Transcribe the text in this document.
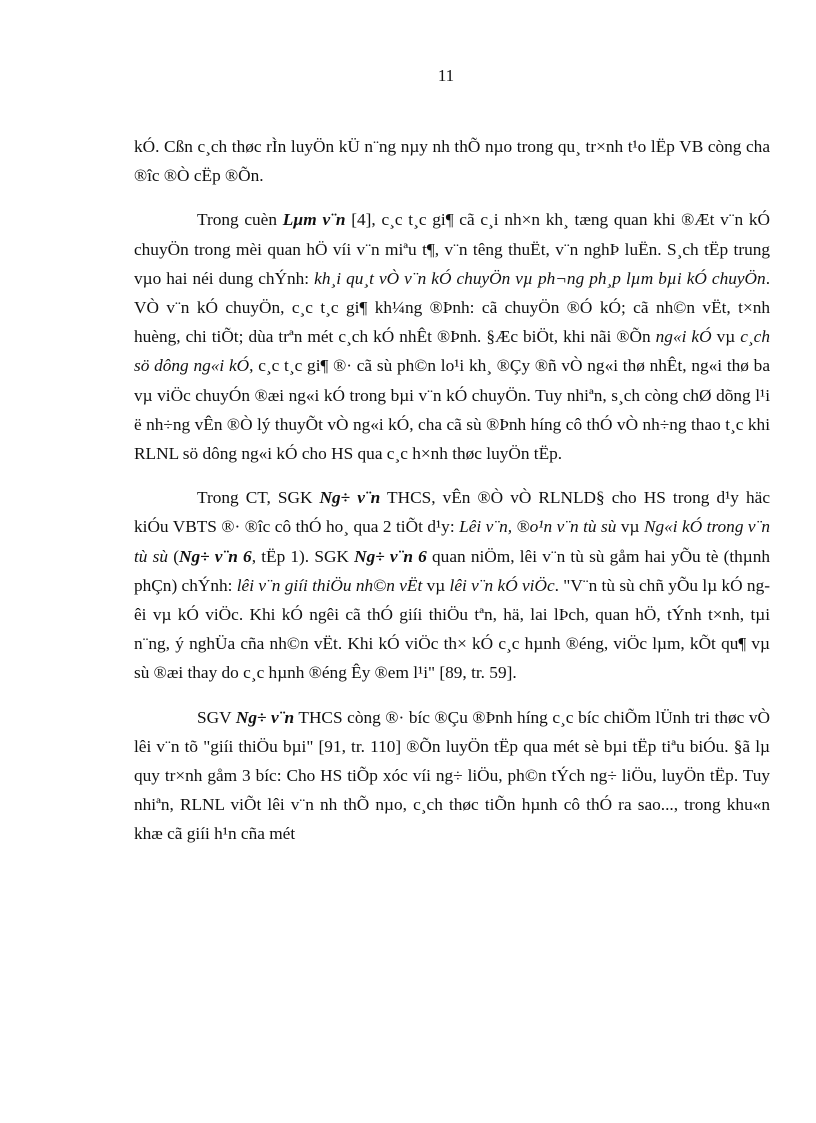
11

kÓ. Cßn c¸ch thøc rÌn luyÖn kÜ n¨ng nµy nh thÕ nµo trong qu¸ tr×nh t¹o lËp VB còng cha ®îc ®Ò cËp ®Õn.

Trong cuèn Lµm v¨n [4], c¸c t¸c gi¶ cã c¸i nh×n kh¸ tæng quan khi ®Æt v¨n kÓ chuyÖn trong mèi quan hÖ víi v¨n miªu t¶, v¨n têng thuËt, v¨n nghÞ luËn. S¸ch tËp trung vµo hai néi dung chÝnh: kh¸i qu¸t vÒ v¨n kÓ chuyÖn vµ ph¬ng ph¸p lµm bµi kÓ chuyÖn. VÒ v¨n kÓ chuyÖn, c¸c t¸c gi¶ kh¼ng ®Þnh: cã chuyÖn ®Ó kÓ; cã nh©n vËt, t×nh huèng, chi tiÕt; dùa trªn mét c¸ch kÓ nhÊt ®Þnh. §Æc biÖt, khi nãi ®Õn ng«i kÓ vµ c¸ch sö dông ng«i kÓ, c¸c t¸c gi¶ ®· cã sù ph©n lo¹i kh¸ ®Çy ®ñ vÒ ng«i thø nhÊt, ng«i thø ba vµ viÖc chuyÓn ®æi ng«i kÓ trong bµi v¨n kÓ chuyÖn. Tuy nhiªn, s¸ch còng chØ dõng l¹i ë nh÷ng vÊn ®Ò lý thuyÕt vÒ ng«i kÓ, cha cã sù ®Þnh híng cô thÓ vÒ nh÷ng thao t¸c khi RLNL sö dông ng«i kÓ cho HS qua c¸c h×nh thøc luyÖn tËp.

Trong CT, SGK Ng÷ v¨n THCS, vÊn ®Ò vÒ RLNLD§ cho HS trong d¹y häc kiÓu VBTS ®· ®îc cô thÓ ho¸ qua 2 tiÕt d¹y: Lêi v¨n, ®o¹n v¨n tù sù vµ Ng«i kÓ trong v¨n tù sù (Ng÷ v¨n 6, tËp 1). SGK Ng÷ v¨n 6 quan niÖm, lêi v¨n tù sù gåm hai yÕu tè (thµnh phÇn) chÝnh: lêi v¨n giíi thiÖu nh©n vËt vµ lêi v¨n kÓ viÖc. "V¨n tù sù chñ yÕu lµ kÓ ngêi vµ kÓ viÖc. Khi kÓ ngêi cã thÓ giíi thiÖu tªn, hä, lai lÞch, quan hÖ, tÝnh t×nh, tµi n¨ng, ý nghÜa cña nh©n vËt. Khi kÓ viÖc th× kÓ c¸c hµnh ®éng, viÖc lµm, kÕt qu¶ vµ sù ®æi thay do c¸c hµnh ®éng Êy ®em l¹i" [89, tr. 59].

SGV Ng÷ v¨n THCS còng ®· bíc ®Çu ®Þnh híng c¸c bíc chiÕm lÜnh tri thøc vÒ lêi v¨n tõ "giíi thiÖu bµi" [91, tr. 110] ®Õn luyÖn tËp qua mét sè bµi tËp tiªu biÓu. §ã lµ quy tr×nh gåm 3 bíc: Cho HS tiÕp xóc víi ng÷ liÖu, ph©n tÝch ng÷ liÖu, luyÖn tËp. Tuy nhiªn, RLNL viÕt lêi v¨n nh thÕ nµo, c¸ch thøc tiÕn hµnh cô thÓ ra sao..., trong khu«n khæ cã giíi h¹n cña mét
